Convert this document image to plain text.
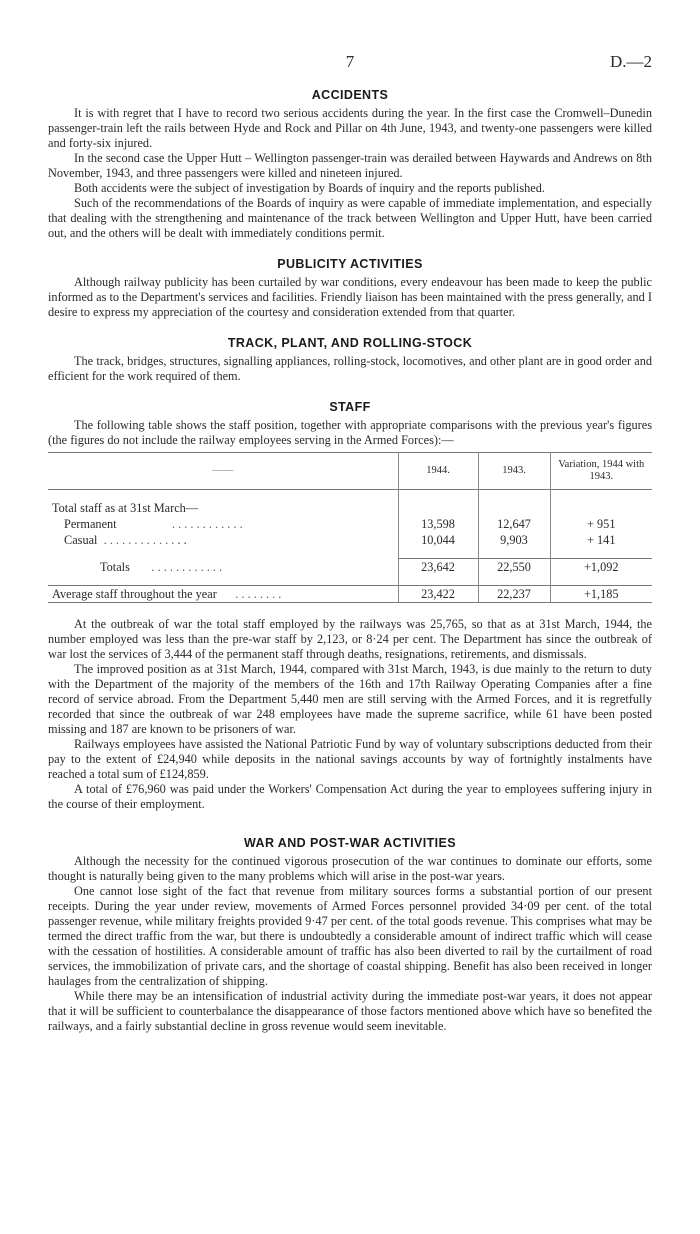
7	D.—2
ACCIDENTS

It is with regret that I have to record two serious accidents during the year. In the first case the Cromwell–Dunedin passenger-train left the rails between Hyde and Rock and Pillar on 4th June, 1943, and twenty-one passengers were killed and forty-six injured.

In the second case the Upper Hutt – Wellington passenger-train was derailed between Haywards and Andrews on 8th November, 1943, and three passengers were killed and nineteen injured.

Both accidents were the subject of investigation by Boards of inquiry and the reports published.

Such of the recommendations of the Boards of inquiry as were capable of immediate implementation, and especially that dealing with the strengthening and maintenance of the track between Wellington and Upper Hutt, have been carried out, and the others will be dealt with immediately conditions permit.

PUBLICITY ACTIVITIES

Although railway publicity has been curtailed by war conditions, every endeavour has been made to keep the public informed as to the Department's services and facilities. Friendly liaison has been maintained with the press generally, and I desire to express my appreciation of the courtesy and consideration extended from that quarter.

TRACK, PLANT, AND ROLLING-STOCK

The track, bridges, structures, signalling appliances, rolling-stock, locomotives, and other plant are in good order and efficient for the work required of them.

STAFF

The following table shows the staff position, together with appropriate comparisons with the previous year's figures (the figures do not include the railway employees serving in the Armed Forces):—

——	1944.	1943.	Variation, 1944 with 1943.

Total staff as at 31st March—			
Permanent . . . . . . . . . . . .	13,598	12,647	+ 951
Casual . . . . . . . . . . . . . .	10,044	9,903	+ 141

Totals . . . . . . . . . . . .	23,642	22,550	+1,092

Average staff throughout the year . . . . . . . .	23,422	22,237	+1,185

At the outbreak of war the total staff employed by the railways was 25,765, so that as at 31st March, 1944, the number employed was less than the pre-war staff by 2,123, or 8·24 per cent. The Department has since the outbreak of war lost the services of 3,444 of the permanent staff through deaths, resignations, retirements, and dismissals.

The improved position as at 31st March, 1944, compared with 31st March, 1943, is due mainly to the return to duty with the Department of the majority of the members of the 16th and 17th Railway Operating Companies after a fine record of service abroad. From the Department 5,440 men are still serving with the Armed Forces, and it is regretfully recorded that since the outbreak of war 248 employees have made the supreme sacrifice, while 61 have been posted missing and 187 are known to be prisoners of war.

Railways employees have assisted the National Patriotic Fund by way of voluntary subscriptions deducted from their pay to the extent of £24,940 while deposits in the national savings accounts by way of fortnightly instalments have reached a total sum of £124,859.

A total of £76,960 was paid under the Workers' Compensation Act during the year to employees suffering injury in the course of their employment.

WAR AND POST-WAR ACTIVITIES

Although the necessity for the continued vigorous prosecution of the war continues to dominate our efforts, some thought is naturally being given to the many problems which will arise in the post-war years.

One cannot lose sight of the fact that revenue from military sources forms a substantial portion of our present receipts. During the year under review, movements of Armed Forces personnel provided 34·09 per cent. of the total passenger revenue, while military freights provided 9·47 per cent. of the total goods revenue. This comprises what may be termed the direct traffic from the war, but there is undoubtedly a considerable amount of indirect traffic which will cease with the cessation of hostilities. A considerable amount of traffic has also been diverted to rail by the curtailment of road services, the immobilization of private cars, and the shortage of coastal shipping. Benefit has also been received in longer haulages from the centralization of shipping.

While there may be an intensification of industrial activity during the immediate post-war years, it does not appear that it will be sufficient to counterbalance the disappearance of those factors mentioned above which have so benefited the railways, and a fairly substantial decline in gross revenue would seem inevitable.
